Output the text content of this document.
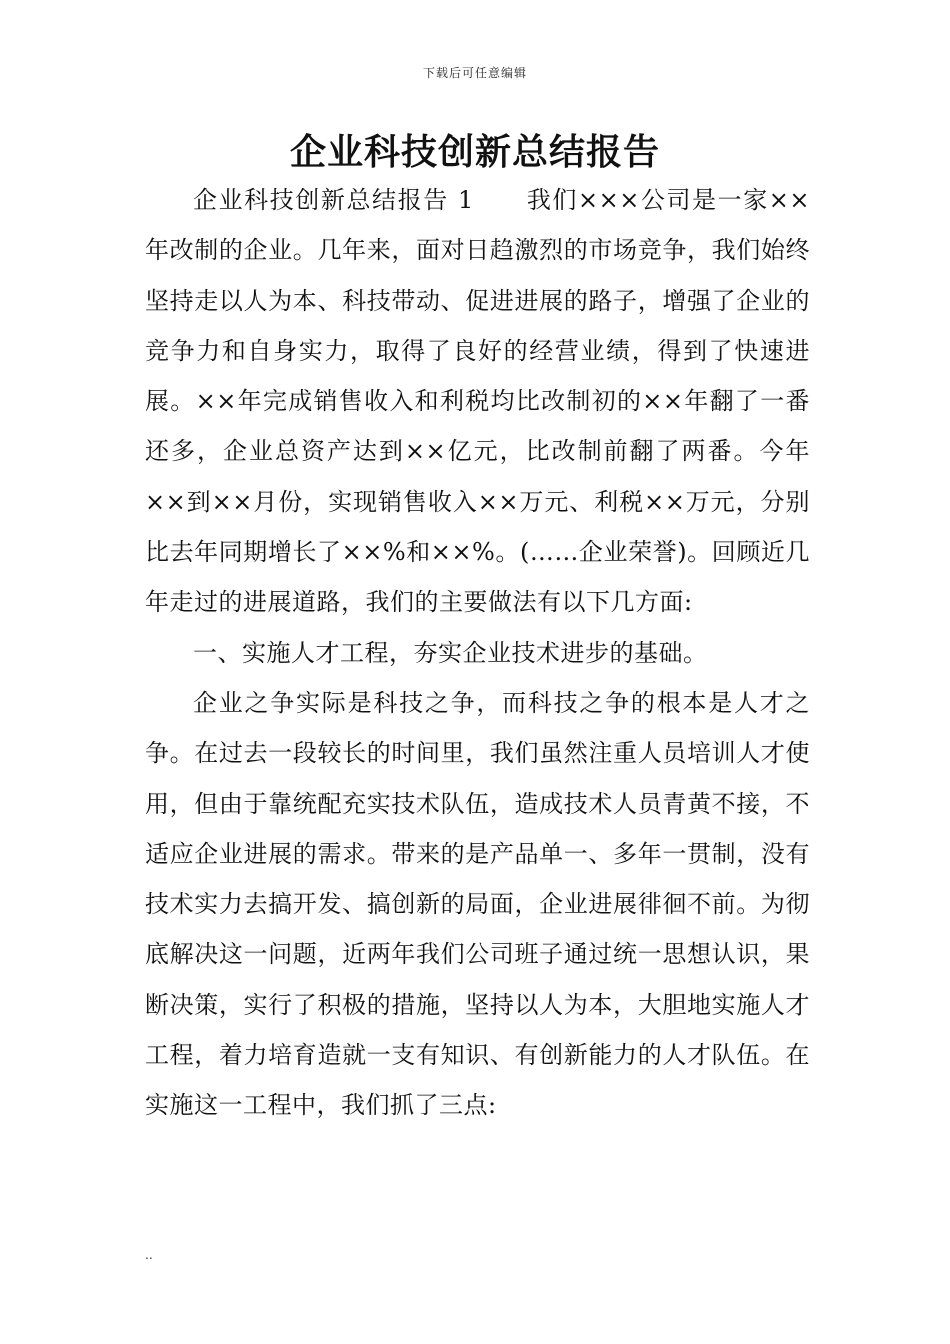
下载后可任意编辑
企业科技创新总结报告

企业科技创新总结报告 1 我们×××公司是一家××年改制的企业。几年来，面对日趋激烈的市场竞争，我们始终坚持走以人为本、科技带动、促进进展的路子，增强了企业的竞争力和自身实力，取得了良好的经营业绩，得到了快速进展。××年完成销售收入和利税均比改制初的××年翻了一番还多，企业总资产达到××亿元，比改制前翻了两番。今年××到××月份，实现销售收入××万元、利税××万元，分别比去年同期增长了××%和××%。(……企业荣誉)。回顾近几年走过的进展道路，我们的主要做法有以下几方面:

一、实施人才工程，夯实企业技术进步的基础。

企业之争实际是科技之争，而科技之争的根本是人才之争。在过去一段较长的时间里，我们虽然注重人员培训人才使用，但由于靠统配充实技术队伍，造成技术人员青黄不接，不适应企业进展的需求。带来的是产品单一、多年一贯制，没有技术实力去搞开发、搞创新的局面，企业进展徘徊不前。为彻底解决这一问题，近两年我们公司班子通过统一思想认识，果断决策，实行了积极的措施，坚持以人为本，大胆地实施人才工程，着力培育造就一支有知识、有创新能力的人才队伍。在实施这一工程中，我们抓了三点:

..
